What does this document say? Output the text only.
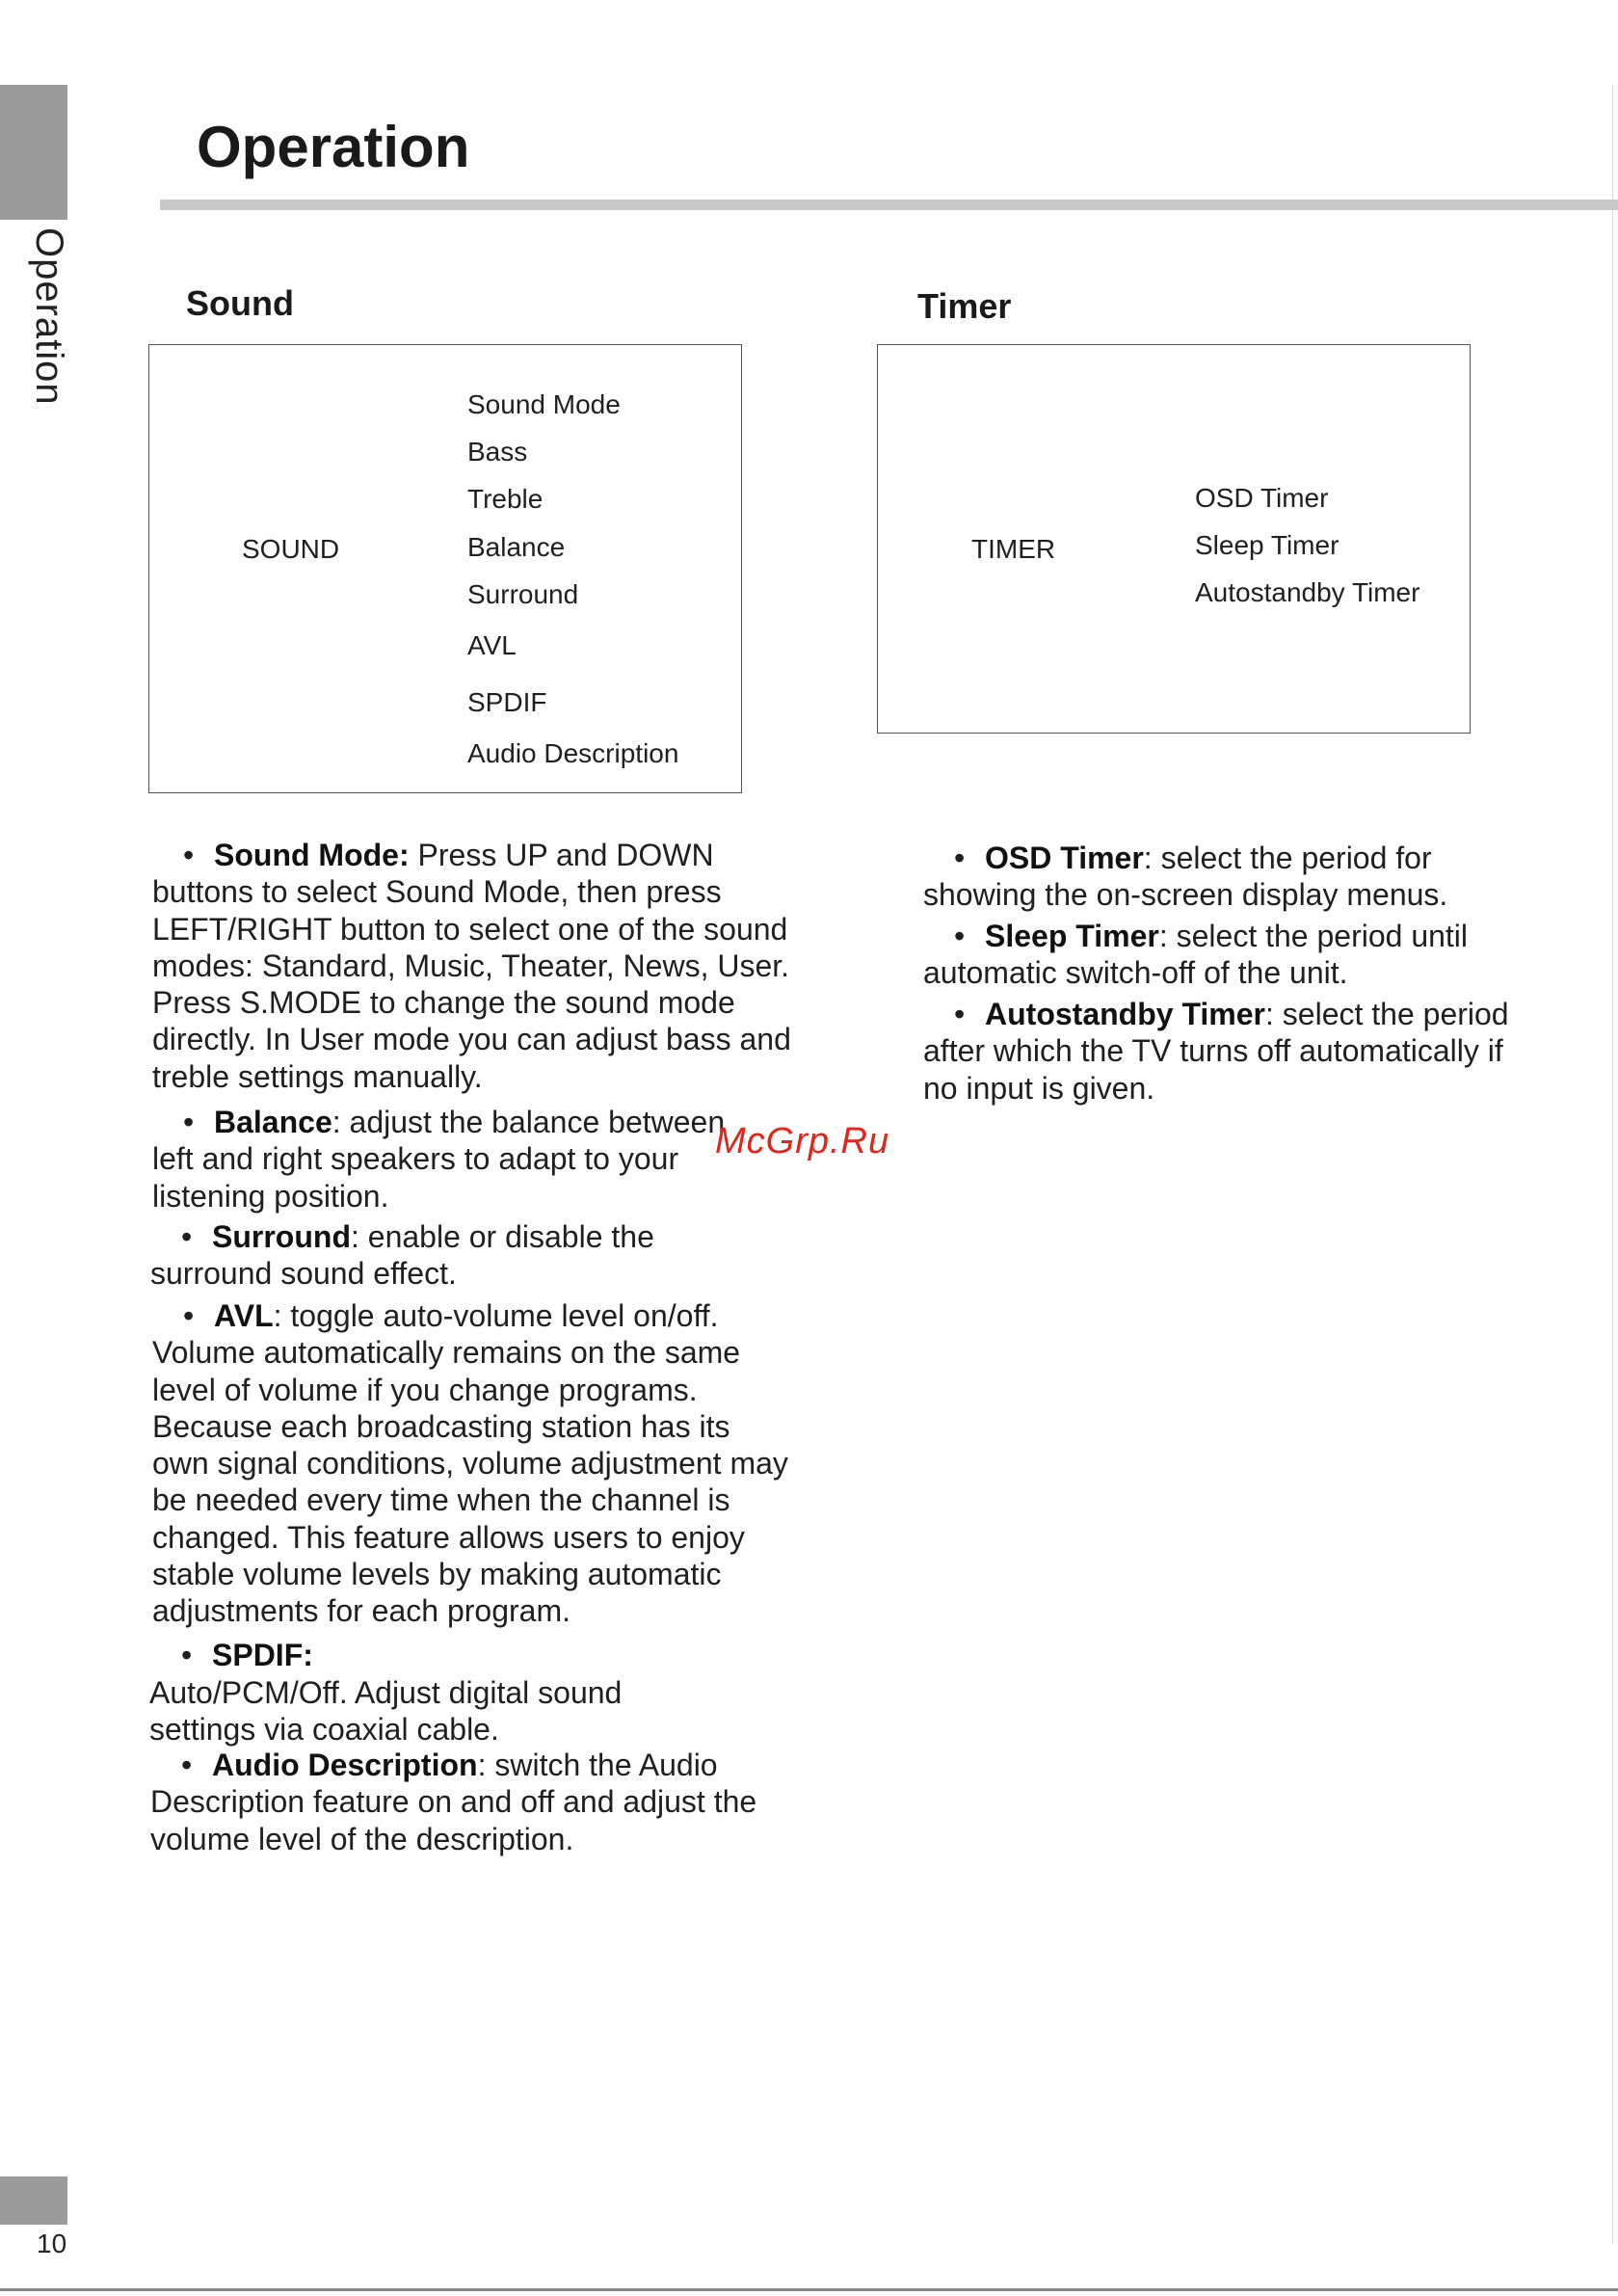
Operation
Operation
Sound
SOUND
Sound Mode
Bass
Treble
Balance
Surround
AVL
SPDIF
Audio Description

• Sound Mode: Press UP and DOWN buttons to select Sound Mode, then press LEFT/RIGHT button to select one of the sound modes: Standard, Music, Theater, News, User. Press S.MODE to change the sound mode directly. In User mode you can adjust bass and treble settings manually.

• Balance: adjust the balance between left and right speakers to adapt to your listening position.

• Surround: enable or disable the surround sound effect.

• AVL: toggle auto-volume level on/off. Volume automatically remains on the same level of volume if you change programs. Because each broadcasting station has its own signal conditions, volume adjustment may be needed every time when the channel is changed. This feature allows users to enjoy stable volume levels by making automatic adjustments for each program.

• SPDIF:

Auto/PCM/Off. Adjust digital sound settings via coaxial cable.

• Audio Description: switch the Audio Description feature on and off and adjust the volume level of the description.

Timer
TIMER
OSD Timer
Sleep Timer
Autostandby Timer

• OSD Timer: select the period for showing the on-screen display menus.

• Sleep Timer: select the period until automatic switch-off of the unit.

• Autostandby Timer: select the period after which the TV turns off automatically if no input is given.

McGrp.Ru
10
